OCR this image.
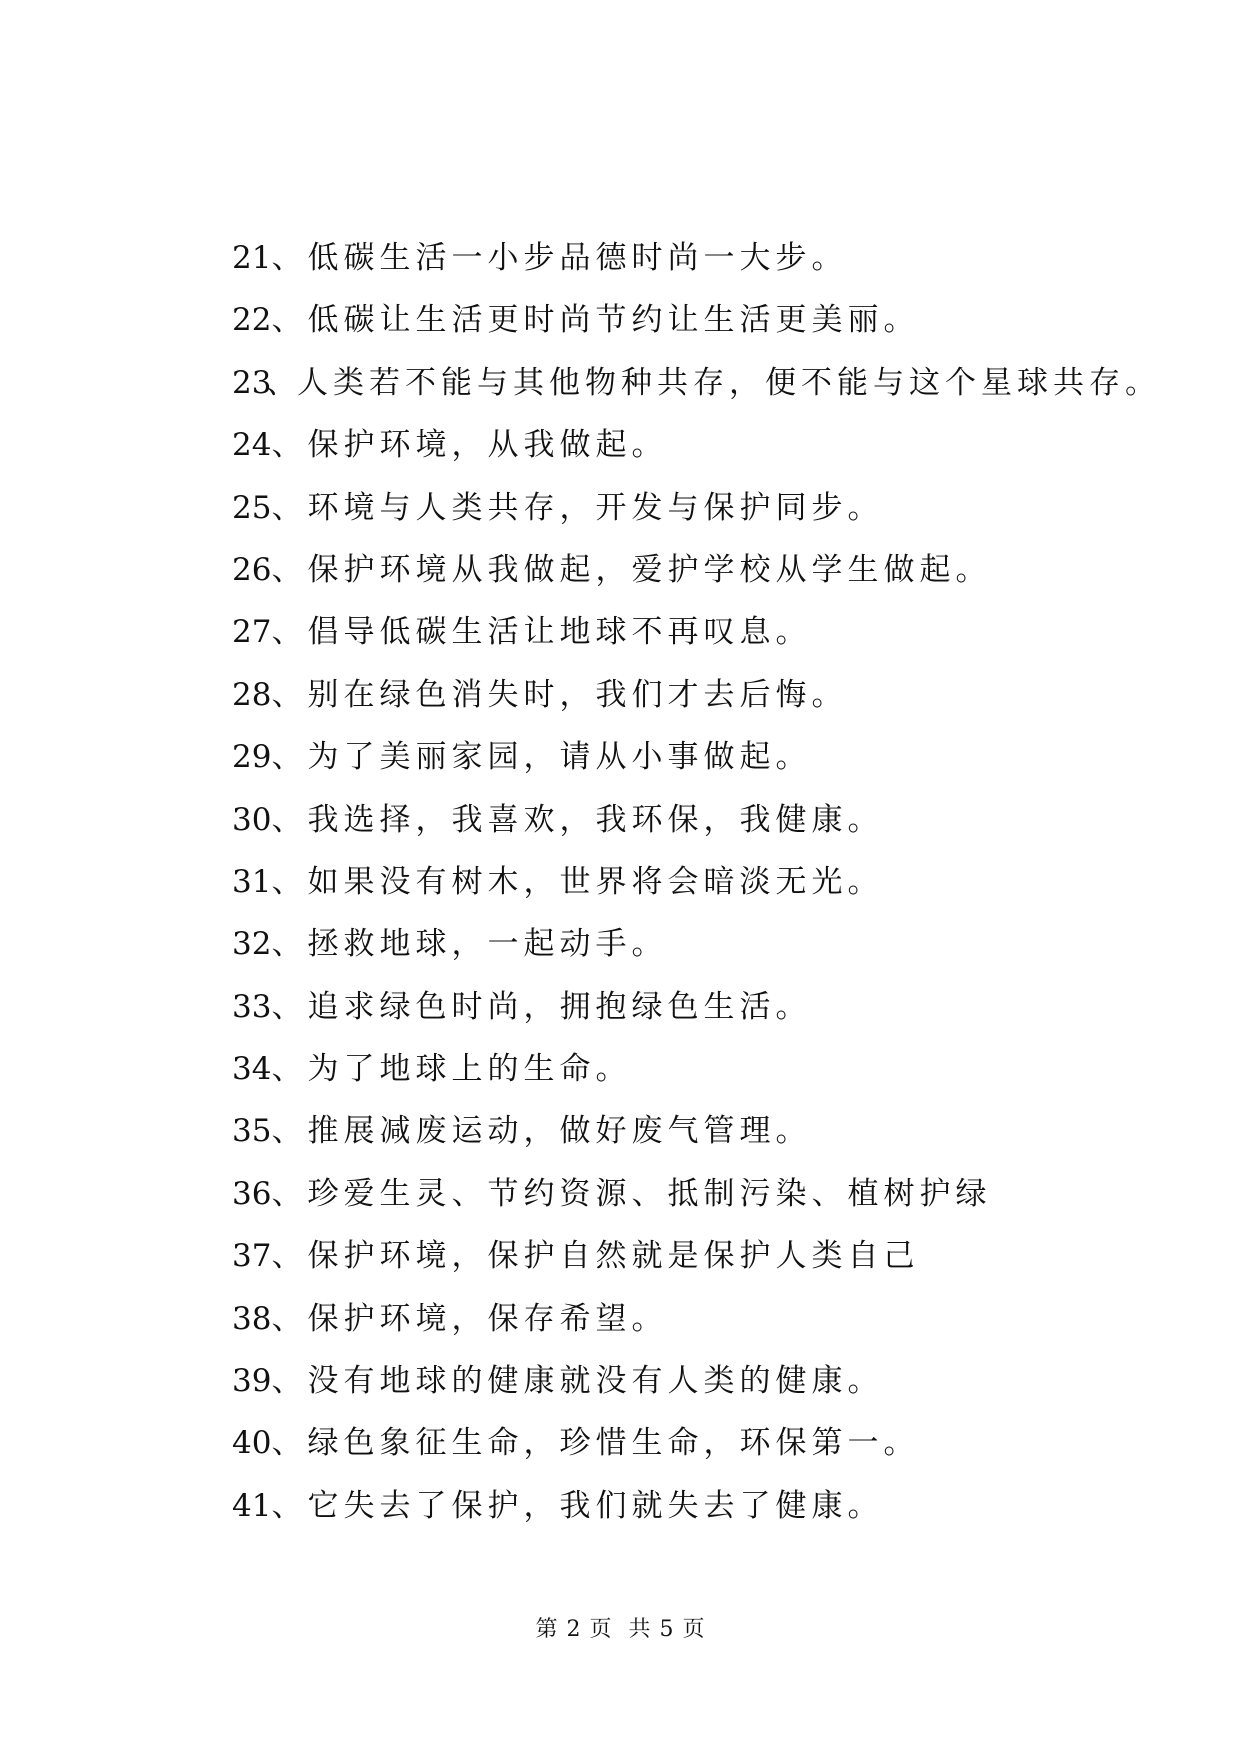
21 、 低碳生活一小步品德时尚一大步。
22 、 低碳让生活更时尚节约让生活更美丽。
23
、 人类若不能与其他物种共存，便不能与这个星球共存。
24 、 保护环境，从我做起。
25 、 环境与人类共存，开发与保护同步。
26 、 保护环境从我做起，爱护学校从学生做起。
27 、 倡导低碳生活让地球不再叹息。
28 、 别在绿色消失时，我们才去后悔。
29 、 为了美丽家园，请从小事做起。
30 、 我选择，我喜欢，我环保，我健康。
31 、 如果没有树木，世界将会暗淡无光。
32 、 拯救地球，一起动手。
33 、 追求绿色时尚，拥抱绿色生活。
34 、 为了地球上的生命。
35 、 推展减废运动，做好废气管理。
36 、 珍爱生灵、节约资源、抵制污染、植树护绿
37 、 保护环境，保护自然就是保护人类自己
38 、 保护环境，保存希望。
39 、 没有地球的健康就没有人类的健康。
40 、 绿色象征生命，珍惜生命，环保第一。
41 、 它失去了保护，我们就失去了健康。
第 2 页  共 5 页
